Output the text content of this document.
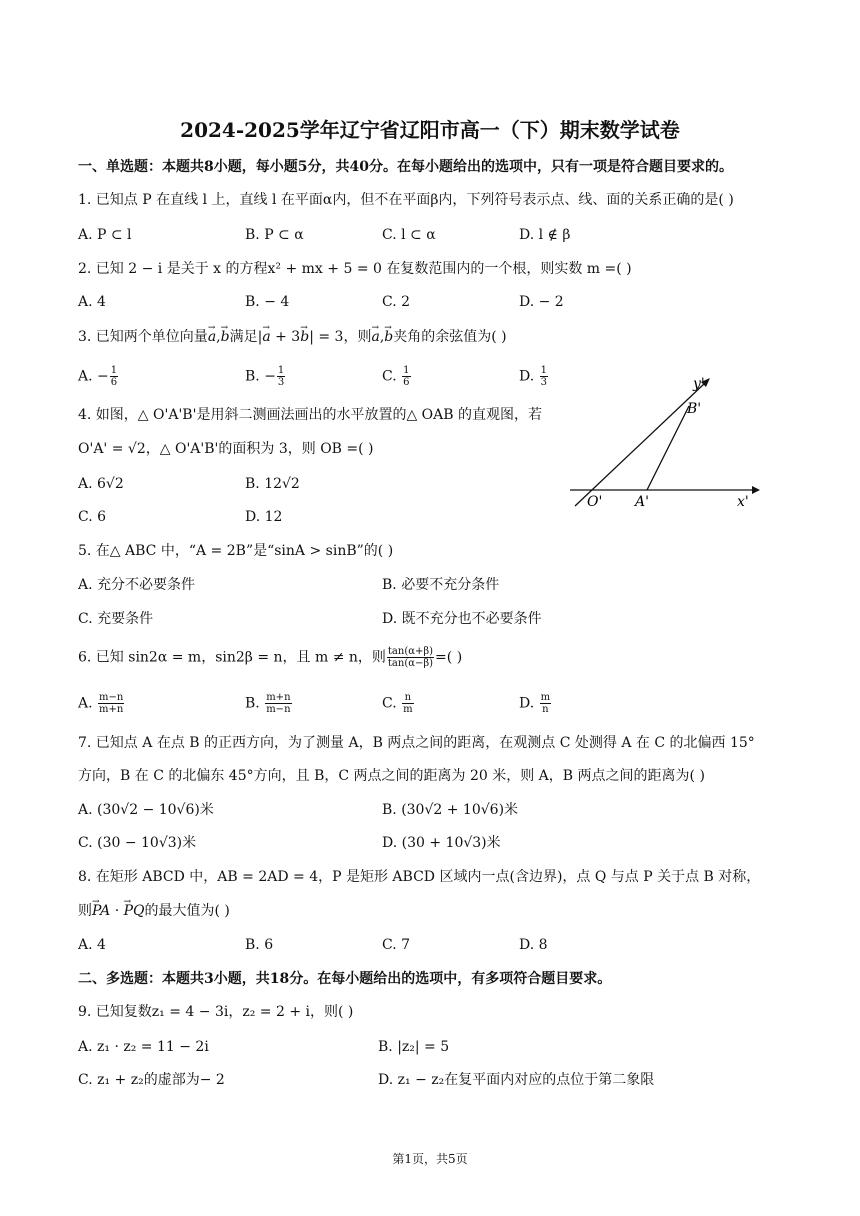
2024-2025学年辽宁省辽阳市高一（下）期末数学试卷
一、单选题：本题共8小题，每小题5分，共40分。在每小题给出的选项中，只有一项是符合题目要求的。
1. 已知点 P 在直线 l 上，直线 l 在平面α内，但不在平面β内，下列符号表示点、线、面的关系正确的是( )
A. P ⊂ l	B. P ⊂ α	C. l ⊂ α	D. l ∉ β
2. 已知 2 − i 是关于 x 的方程x² + mx + 5 = 0 在复数范围内的一个根，则实数 m =( )
A. 4	B. − 4	C. 2	D. − 2
3. 已知两个单位向量→ a,→ b满足|→ a + 3→ b| = 3，则→ a,→ b夹角的余弦值为( )
A. − $\frac{1}{6}$	B. − $\frac{1}{3}$	C. $\frac{1}{6}$	D. $\frac{1}{3}$
4. 如图，△ O'A'B'是用斜二测画法画出的水平放置的△ OAB 的直观图，若
O'A' = √2，△ O'A'B'的面积为 3，则 OB =( )
A. 6√2	B. 12√2
C. 6	D. 12
y'
B'
O' A'	x'
5. 在△ ABC 中，“A = 2B”是“sinA > sinB”的( )
A. 充分不必要条件	B. 必要不充分条件
C. 充要条件	D. 既不充分也不必要条件
6. 已知 sin2α = m，sin2β = n，且 m ≠ n，则 $\frac{\tan(\alpha+\beta)}{\tan(\alpha-\beta)}$ =( )
A. $\frac{m-n}{m+n}$	B. $\frac{m+n}{m-n}$	C. $\frac{n}{m}$	D. $\frac{m}{n}$
7. 已知点 A 在点 B 的正西方向，为了测量 A，B 两点之间的距离，在观测点 C 处测得 A 在 C 的北偏西 15°
方向，B 在 C 的北偏东 45°方向，且 B，C 两点之间的距离为 20 米，则 A，B 两点之间的距离为( )
A. (30√2 − 10√6)米	B. (30√2 + 10√6)米
C. (30 − 10√3)米	D. (30 + 10√3)米
8. 在矩形 ABCD 中，AB = 2AD = 4，P 是矩形 ABCD 区域内一点(含边界)，点 Q 与点 P 关于点 B 对称，
则→ PA · → PQ的最大值为( )
A. 4	B. 6	C. 7	D. 8
二、多选题：本题共3小题，共18分。在每小题给出的选项中，有多项符合题目要求。
9. 已知复数z₁ = 4 − 3i，z₂ = 2 + i，则( )
A. z₁ · z₂ = 11 − 2i	B. |z₂| = 5
C. z₁ + z₂的虚部为− 2	D. z₁ − z₂在复平面内对应的点位于第二象限
第1页，共5页
